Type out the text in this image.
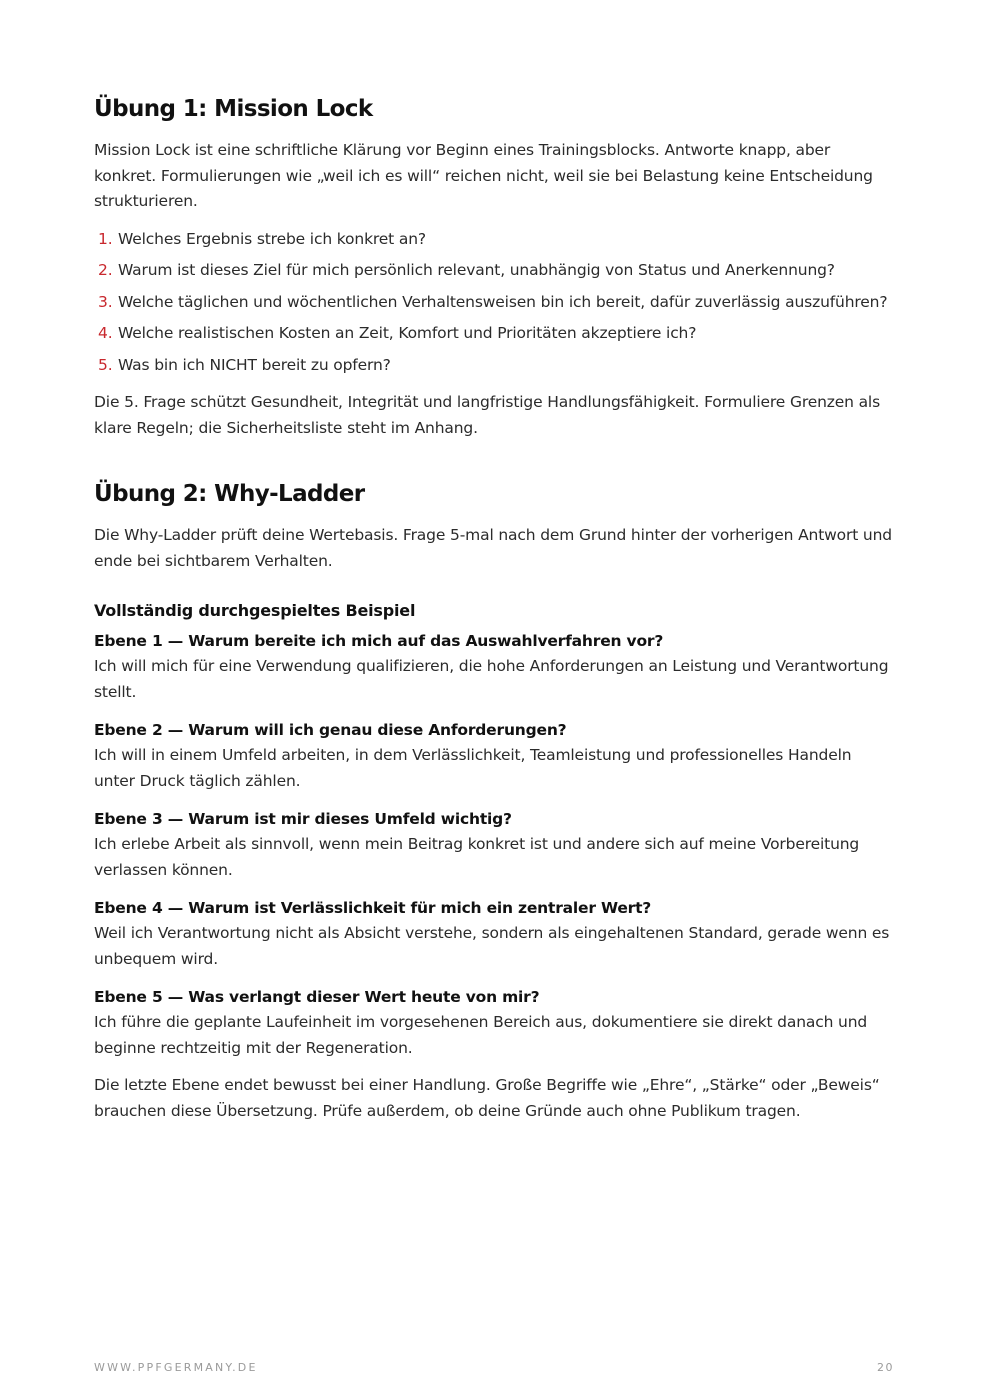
Übung 1: Mission Lock

Mission Lock ist eine schriftliche Klärung vor Beginn eines Trainingsblocks. Antworte knapp, aber konkret. Formulierungen wie „weil ich es will“ reichen nicht, weil sie bei Belastung keine Entscheidung strukturieren.

1. Welches Ergebnis strebe ich konkret an?
2. Warum ist dieses Ziel für mich persönlich relevant, unabhängig von Status und Anerkennung?
3. Welche täglichen und wöchentlichen Verhaltensweisen bin ich bereit, dafür zuverlässig auszuführen?
4. Welche realistischen Kosten an Zeit, Komfort und Prioritäten akzeptiere ich?
5. Was bin ich NICHT bereit zu opfern?

Die 5. Frage schützt Gesundheit, Integrität und langfristige Handlungsfähigkeit. Formuliere Grenzen als klare Regeln; die Sicherheitsliste steht im Anhang.

Übung 2: Why-Ladder

Die Why-Ladder prüft deine Wertebasis. Frage 5-mal nach dem Grund hinter der vorherigen Antwort und ende bei sichtbarem Verhalten.

Vollständig durchgespieltes Beispiel
Ebene 1 — Warum bereite ich mich auf das Auswahlverfahren vor?
Ich will mich für eine Verwendung qualifizieren, die hohe Anforderungen an Leistung und Verantwortung stellt.
Ebene 2 — Warum will ich genau diese Anforderungen?
Ich will in einem Umfeld arbeiten, in dem Verlässlichkeit, Teamleistung und professionelles Handeln unter Druck täglich zählen.
Ebene 3 — Warum ist mir dieses Umfeld wichtig?
Ich erlebe Arbeit als sinnvoll, wenn mein Beitrag konkret ist und andere sich auf meine Vorbereitung verlassen können.
Ebene 4 — Warum ist Verlässlichkeit für mich ein zentraler Wert?
Weil ich Verantwortung nicht als Absicht verstehe, sondern als eingehaltenen Standard, gerade wenn es unbequem wird.
Ebene 5 — Was verlangt dieser Wert heute von mir?
Ich führe die geplante Laufeinheit im vorgesehenen Bereich aus, dokumentiere sie direkt danach und beginne rechtzeitig mit der Regeneration.

Die letzte Ebene endet bewusst bei einer Handlung. Große Begriffe wie „Ehre“, „Stärke“ oder „Beweis“ brauchen diese Übersetzung. Prüfe außerdem, ob deine Gründe auch ohne Publikum tragen.

WWW.PPFGERMANY.DE	20
